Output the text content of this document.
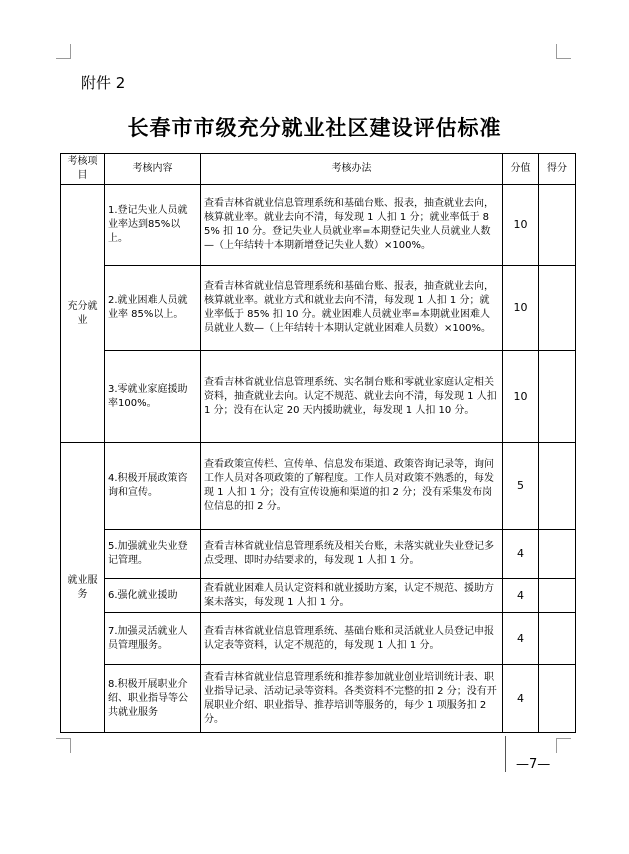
附件 2
长春市市级充分就业社区建设评估标准
考核项目	考核内容	考核办法	分值	得分
充分就业	1.登记失业人员就业率达到85%以上。	查看吉林省就业信息管理系统和基础台账、报表，抽查就业去向，核算就业率。就业去向不清，每发现 1 人扣 1 分；就业率低于 85% 扣 10 分。登记失业人员就业率=本期登记失业人员就业人数—（上年结转十本期新增登记失业人数）×100%。	10	
	2.就业困难人员就业率 85%以上。	查看吉林省就业信息管理系统和基础台账、报表，抽查就业去向，核算就业率。就业方式和就业去向不清，每发现 1 人扣 1 分；就业率低于 85% 扣 10 分。就业困难人员就业率=本期就业困难人员就业人数—（上年结转十本期认定就业困难人员数）×100%。	10	
	3.零就业家庭援助率100%。	查看吉林省就业信息管理系统、实名制台账和零就业家庭认定相关资料，抽查就业去向。认定不规范、就业去向不清，每发现 1 人扣 1 分；没有在认定 20 天内援助就业，每发现 1 人扣 10 分。	10	
就业服务	4.积极开展政策咨询和宣传。	查看政策宣传栏、宣传单、信息发布渠道、政策咨询记录等，询问工作人员对各项政策的了解程度。工作人员对政策不熟悉的，每发现 1 人扣 1 分；没有宣传设施和渠道的扣 2 分；没有采集发布岗位信息的扣 2 分。	5	
	5.加强就业失业登记管理。	查看吉林省就业信息管理系统及相关台账，未落实就业失业登记多点受理、即时办结要求的，每发现 1 人扣 1 分。	4	
	6.强化就业援助	查看就业困难人员认定资料和就业援助方案，认定不规范、援助方案未落实，每发现 1 人扣 1 分。	4	
	7.加强灵活就业人员管理服务。	查看吉林省就业信息管理系统、基础台账和灵活就业人员登记申报认定表等资料，认定不规范的，每发现 1 人扣 1 分。	4	
	8.积极开展职业介绍、职业指导等公共就业服务	查看吉林省就业信息管理系统和推荐参加就业创业培训统计表、职业指导记录、活动记录等资料。各类资料不完整的扣 2 分；没有开展职业介绍、职业指导、推荐培训等服务的，每少 1 项服务扣 2 分。	4	
—7—
